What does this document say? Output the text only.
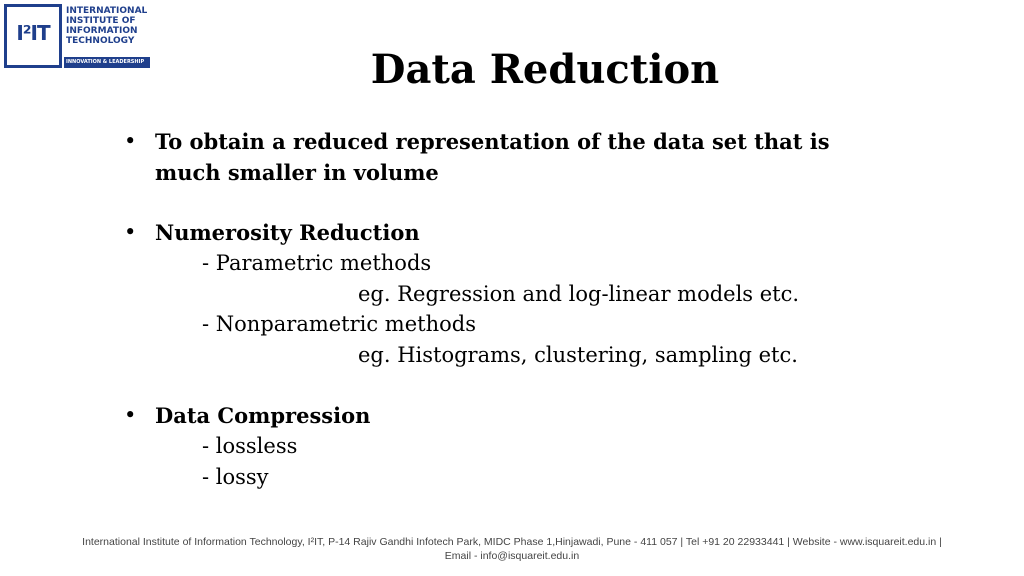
I²IT
INTERNATIONAL
INSTITUTE OF
INFORMATION
TECHNOLOGY
INNOVATION & LEADERSHIP	Data Reduction
• To obtain a reduced representation of the data set that is
much smaller in volume
• Numerosity Reduction
- Parametric methods
eg. Regression and log-linear models etc.
- Nonparametric methods
eg. Histograms, clustering, sampling etc.
• Data Compression
- lossless
- lossy
International Institute of Information Technology, I²IT, P-14 Rajiv Gandhi Infotech Park, MIDC Phase 1,Hinjawadi, Pune - 411 057 | Tel +91 20 22933441 | Website - www.isquareit.edu.in |
Email - info@isquareit.edu.in
